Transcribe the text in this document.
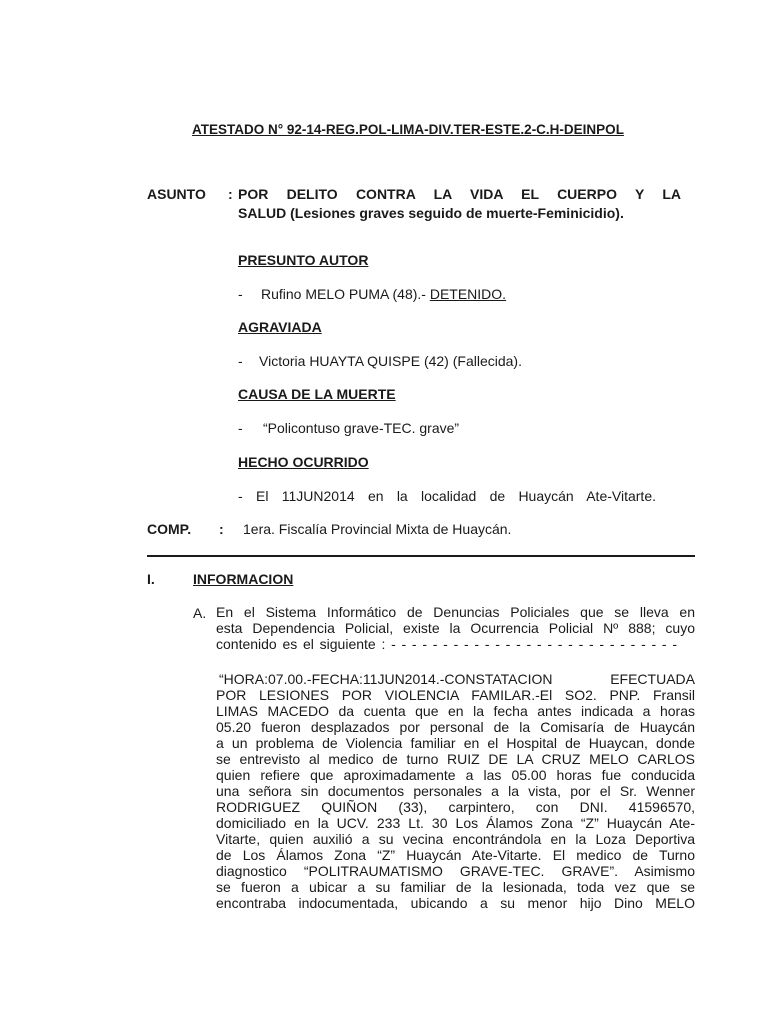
ATESTADO N° 92-14-REG.POL-LIMA-DIV.TER-ESTE.2-C.H-DEINPOL
ASUNTO : POR DELITO CONTRA LA VIDA EL CUERPO Y LA
SALUD (Lesiones graves seguido de muerte-Feminicidio).
PRESUNTO AUTOR
- Rufino MELO PUMA (48).- DETENIDO.
AGRAVIADA
- Victoria HUAYTA QUISPE (42) (Fallecida).
CAUSA DE LA MUERTE
- “Policontuso grave-TEC. grave”
HECHO OCURRIDO
- El 11JUN2014 en la localidad de Huaycán Ate-Vitarte.
COMP. : 1era. Fiscalía Provincial Mixta de Huaycán.
I.	INFORMACION
A. En el Sistema Informático de Denuncias Policiales que se lleva en
esta Dependencia Policial, existe la Ocurrencia Policial Nº 888; cuyo
contenido es el siguiente : - - - - - - - - - - - - - - - - - - - - - - - - - - - -
“HORA:07.00.-FECHA:11JUN2014.-CONSTATACION EFECTUADA
POR LESIONES POR VIOLENCIA FAMILAR.-El SO2. PNP. Fransil
LIMAS MACEDO da cuenta que en la fecha antes indicada a horas
05.20 fueron desplazados por personal de la Comisaría de Huaycán
a un problema de Violencia familiar en el Hospital de Huaycan, donde
se entrevisto al medico de turno RUIZ DE LA CRUZ MELO CARLOS
quien refiere que aproximadamente a las 05.00 horas fue conducida
una señora sin documentos personales a la vista, por el Sr. Wenner
RODRIGUEZ QUIÑON (33), carpintero, con DNI. 41596570,
domiciliado en la UCV. 233 Lt. 30 Los Álamos Zona “Z” Huaycán Ate-
Vitarte, quien auxilió a su vecina encontrándola en la Loza Deportiva
de Los Álamos Zona “Z” Huaycán Ate-Vitarte. El medico de Turno
diagnostico “POLITRAUMATISMO GRAVE-TEC. GRAVE”. Asimismo
se fueron a ubicar a su familiar de la lesionada, toda vez que se
encontraba indocumentada, ubicando a su menor hijo Dino MELO
